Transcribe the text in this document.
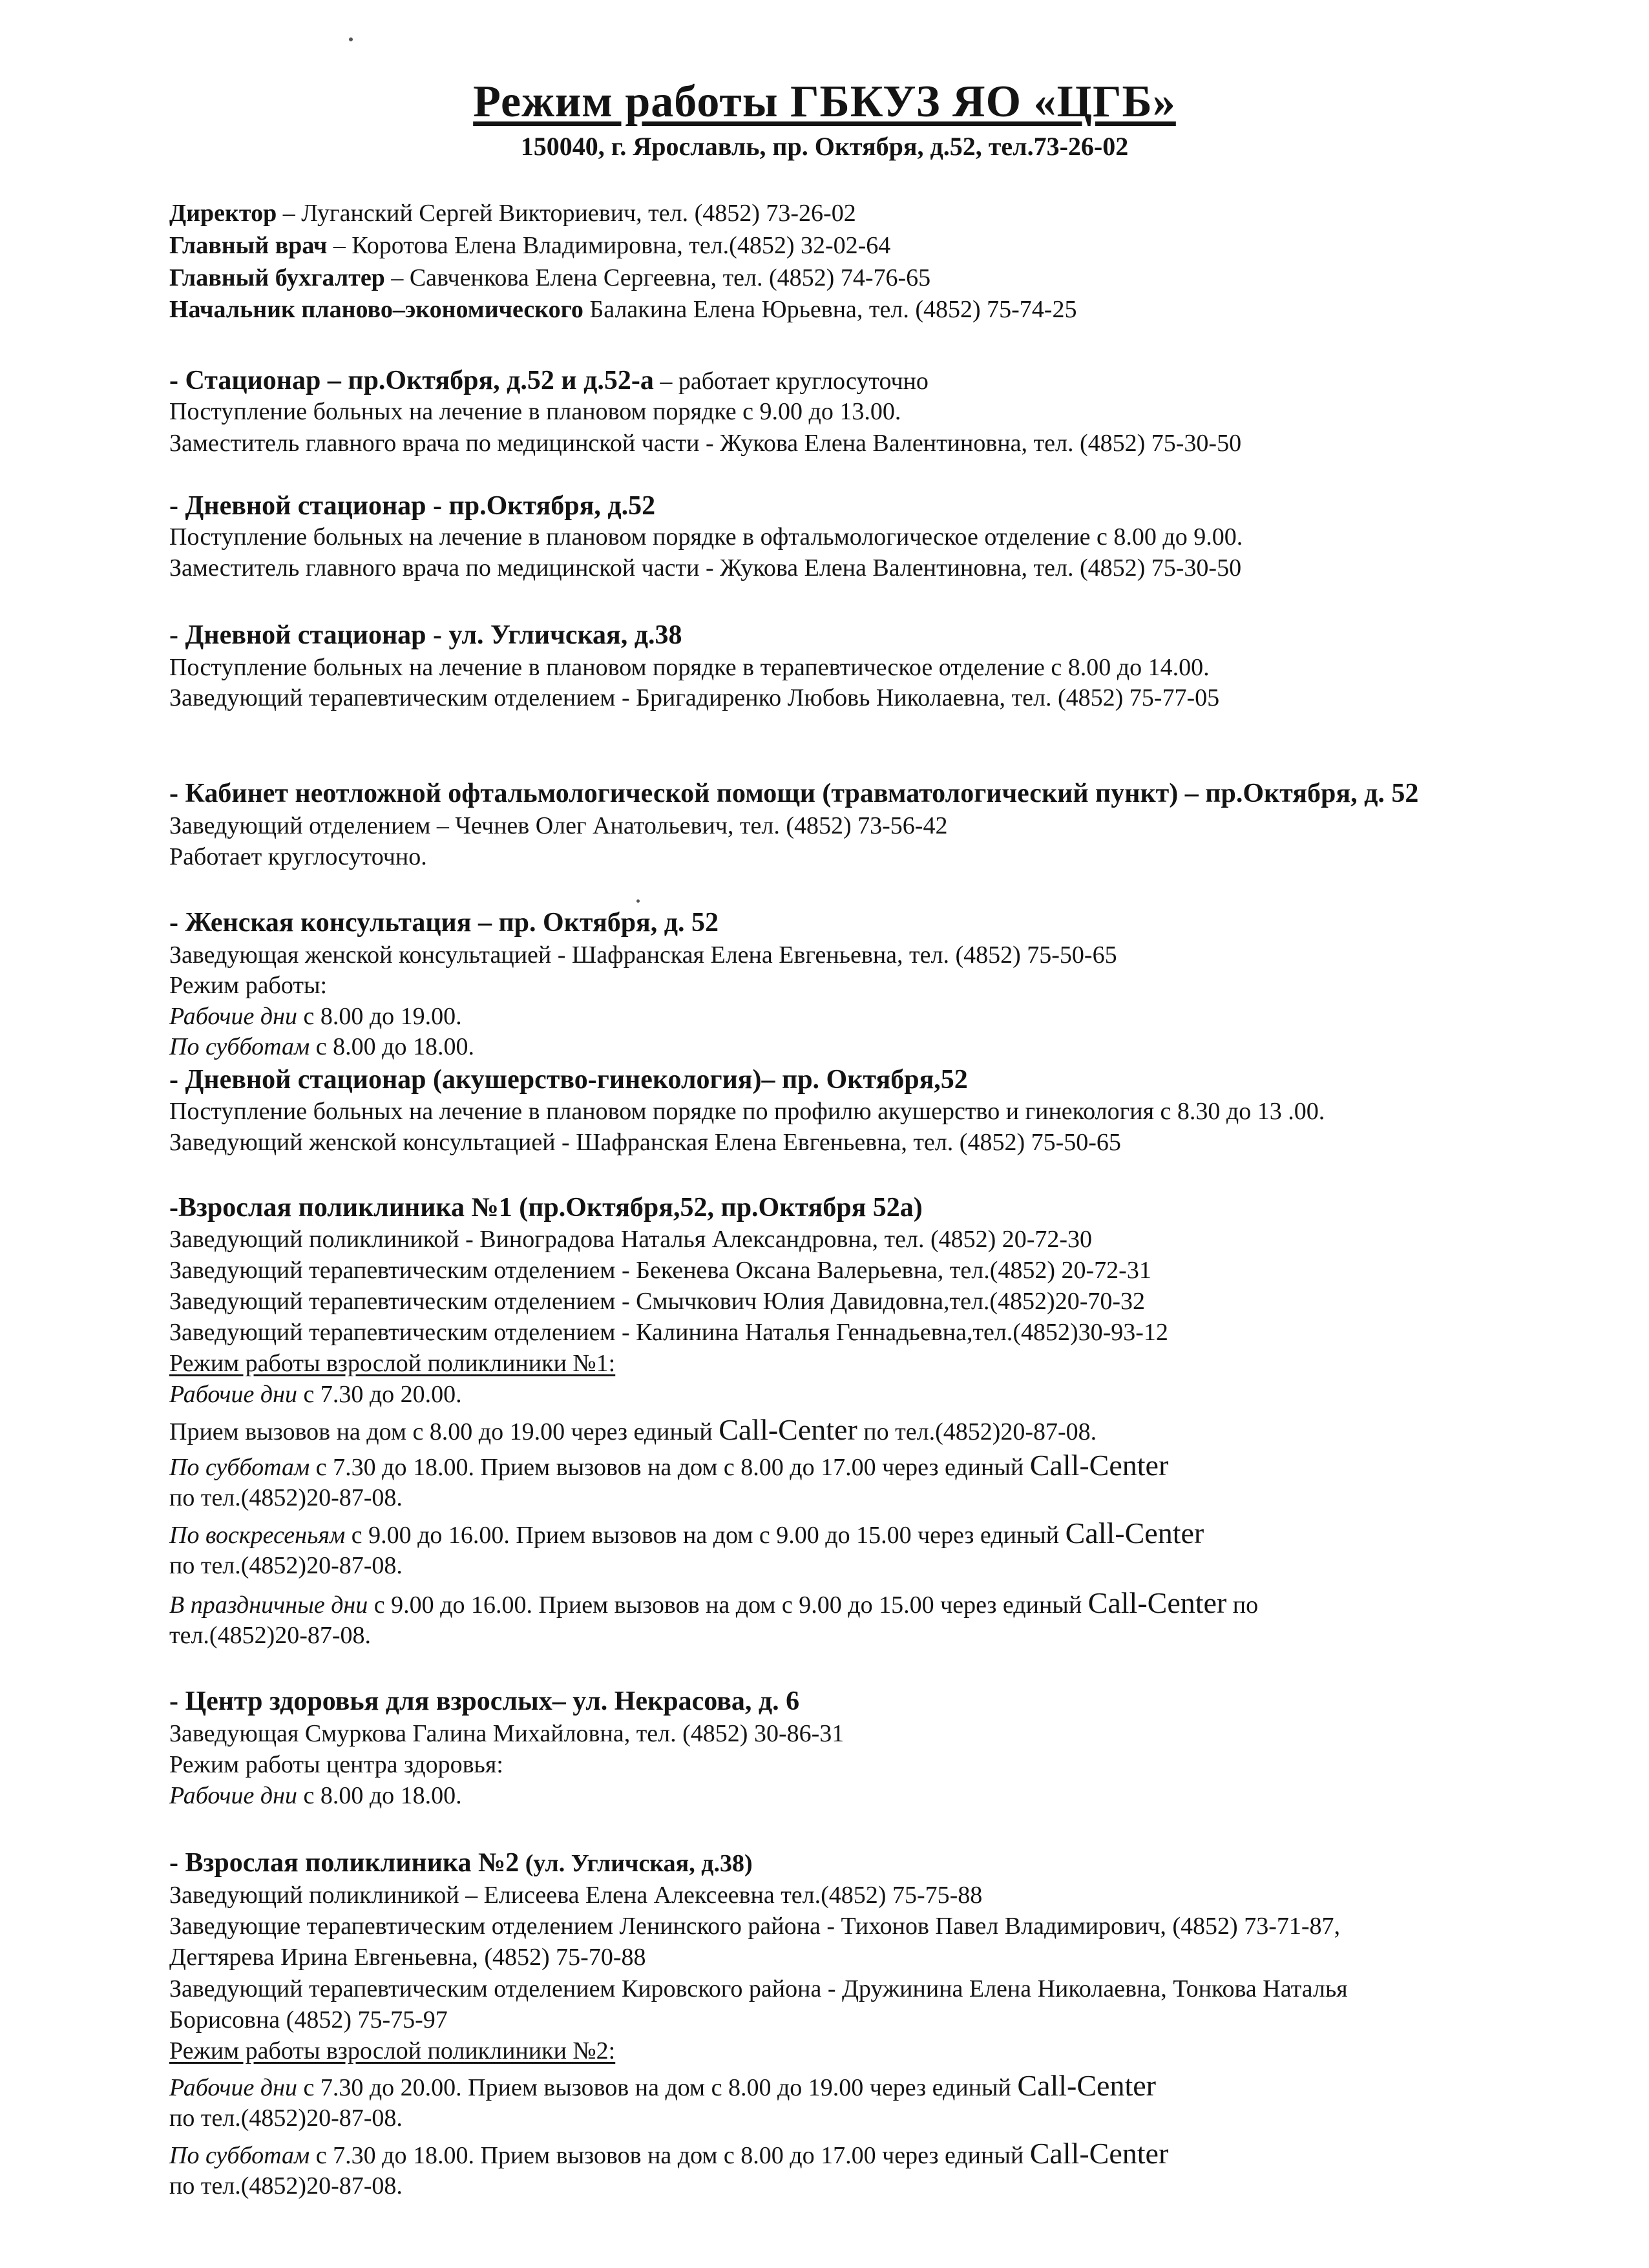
Режим работы ГБКУЗ ЯО «ЦГБ»
150040, г. Ярославль, пр. Октября, д.52, тел.73-26-02
Директор – Луганский Сергей Викториевич, тел. (4852) 73-26-02
Главный врач – Коротова Елена Владимировна, тел.(4852) 32-02-64
Главный бухгалтер – Савченкова Елена Сергеевна, тел. (4852) 74-76-65
Начальник планово–экономического Балакина Елена Юрьевна, тел. (4852) 75-74-25
- Стационар – пр.Октября, д.52 и д.52-а – работает круглосуточно
Поступление больных на лечение в плановом порядке с 9.00 до 13.00.
Заместитель главного врача по медицинской части - Жукова Елена Валентиновна, тел. (4852) 75-30-50
- Дневной стационар - пр.Октября, д.52
Поступление больных на лечение в плановом порядке в офтальмологическое отделение с 8.00 до 9.00.
Заместитель главного врача по медицинской части - Жукова Елена Валентиновна, тел. (4852) 75-30-50
- Дневной стационар - ул. Угличская, д.38
Поступление больных на лечение в плановом порядке в терапевтическое отделение с 8.00 до 14.00.
Заведующий терапевтическим отделением - Бригадиренко Любовь Николаевна, тел. (4852) 75-77-05
- Кабинет неотложной офтальмологической помощи (травматологический пункт) – пр.Октября, д. 52
Заведующий отделением – Чечнев Олег Анатольевич, тел. (4852) 73-56-42
Работает круглосуточно.
- Женская консультация – пр. Октября, д. 52
Заведующая женской консультацией - Шафранская Елена Евгеньевна, тел. (4852) 75-50-65
Режим работы:
Рабочие дни с 8.00 до 19.00.
По субботам с 8.00 до 18.00.
- Дневной стационар (акушерство-гинекология)– пр. Октября,52
Поступление больных на лечение в плановом порядке по профилю акушерство и гинекология с 8.30 до 13 .00.
Заведующий женской консультацией - Шафранская Елена Евгеньевна, тел. (4852) 75-50-65
-Взрослая поликлиника №1 (пр.Октября,52, пр.Октября 52а)
Заведующий поликлиникой - Виноградова Наталья Александровна, тел. (4852) 20-72-30
Заведующий терапевтическим отделением - Бекенева Оксана Валерьевна, тел.(4852) 20-72-31
Заведующий терапевтическим отделением - Смычкович Юлия Давидовна,тел.(4852)20-70-32
Заведующий терапевтическим отделением - Калинина Наталья Геннадьевна,тел.(4852)30-93-12
Режим работы взрослой поликлиники №1:
Рабочие дни с 7.30 до 20.00.
Прием вызовов на дом с 8.00 до 19.00 через единый Call-Center по тел.(4852)20-87-08.
По субботам с 7.30 до 18.00. Прием вызовов на дом с 8.00 до 17.00 через единый Call-Center
по тел.(4852)20-87-08.
По воскресеньям с 9.00 до 16.00. Прием вызовов на дом с 9.00 до 15.00 через единый Call-Center
по тел.(4852)20-87-08.
В праздничные дни с 9.00 до 16.00. Прием вызовов на дом с 9.00 до 15.00 через единый Call-Center по
тел.(4852)20-87-08.
- Центр здоровья для взрослых– ул. Некрасова, д. 6
Заведующая Смуркова Галина Михайловна, тел. (4852) 30-86-31
Режим работы центра здоровья:
Рабочие дни с 8.00 до 18.00.
- Взрослая поликлиника №2 (ул. Угличская, д.38)
Заведующий поликлиникой – Елисеева Елена Алексеевна тел.(4852) 75-75-88
Заведующие терапевтическим отделением Ленинского района - Тихонов Павел Владимирович, (4852) 73-71-87,
Дегтярева Ирина Евгеньевна, (4852) 75-70-88
Заведующий терапевтическим отделением Кировского района - Дружинина Елена Николаевна, Тонкова Наталья
Борисовна (4852) 75-75-97
Режим работы взрослой поликлиники №2:
Рабочие дни с 7.30 до 20.00. Прием вызовов на дом с 8.00 до 19.00 через единый Call-Center
по тел.(4852)20-87-08.
По субботам с 7.30 до 18.00. Прием вызовов на дом с 8.00 до 17.00 через единый Call-Center
по тел.(4852)20-87-08.
